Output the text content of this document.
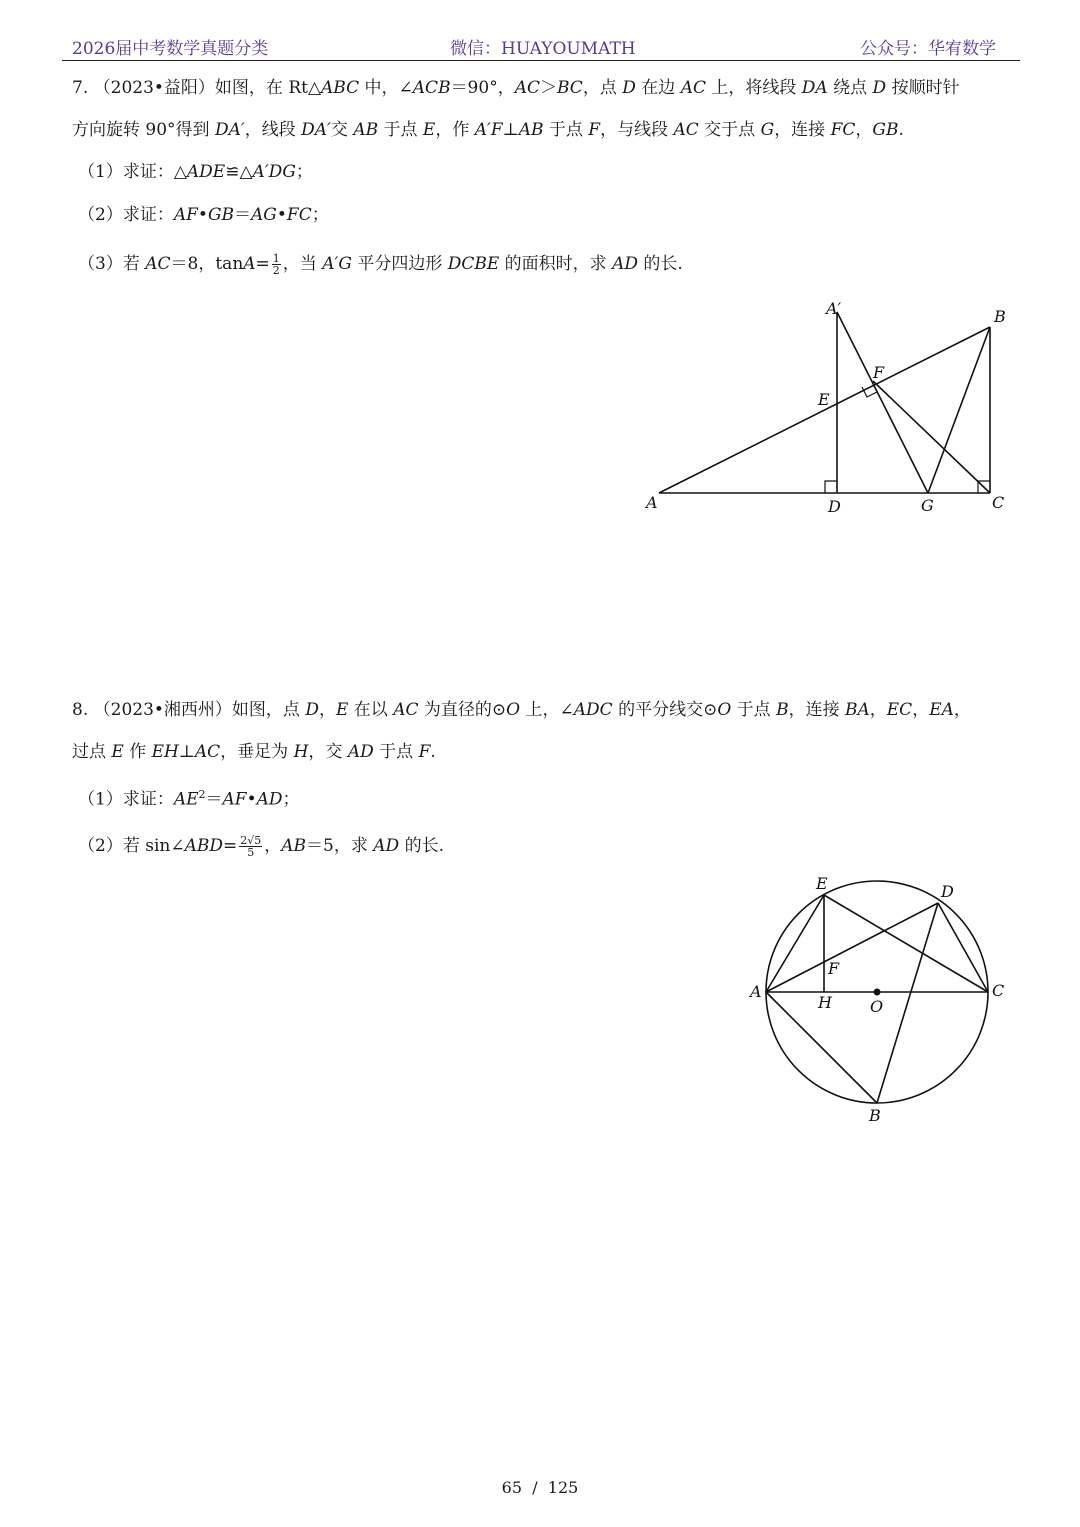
2026届中考数学真题分类	微信：HUAYOUMATH	公众号：华宥数学
7. （2023•益阳）如图，在 Rt△ABC 中，∠ACB＝90°，AC＞BC，点 D 在边 AC 上，将线段 DA 绕点 D 按顺时针
方向旋转 90°得到 DA′，线段 DA′交 AB 于点 E，作 A′F⊥AB 于点 F，与线段 AC 交于点 G，连接 FC，GB.
（1）求证：△ADE≌△A′DG；
（2）求证：AF•GB＝AG•FC；
（3）若 AC＝8，$\tan A= \frac{1}{2}$ ，当 A′G 平分四边形 DCBE 的面积时，求 AD 的长.
A
B
C
D
E
F
G
A′
8. （2023•湘西州）如图，点 D，E 在以 AC 为直径的⊙O 上，∠ADC 的平分线交⊙O 于点 B，连接 BA，EC，EA，
过点 E 作 EH⊥AC，垂足为 H，交 AD 于点 F.
（1）求证：$AE^2=AF•AD$；
（2）若 sin∠ABD= $\frac{2√5}{5}$ ，AB＝5，求 AD 的长.
A
B
C
D
E
F
H O
65 / 125
